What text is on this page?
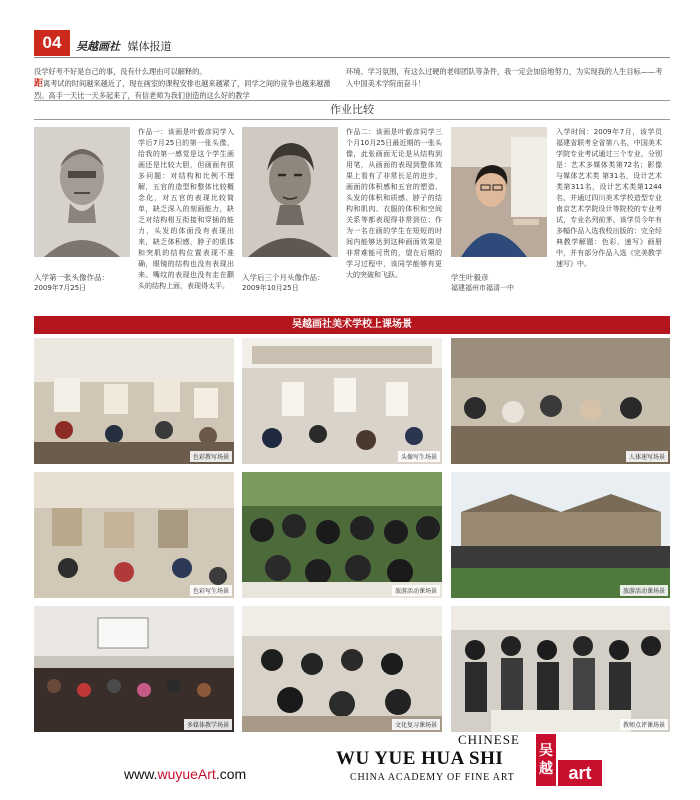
04	吴越画社 媒体报道
没学好考不好是自己的事，没有什么理由可以解释的。
距离考试的时间越来越近了，现在画室的课程安排也越来越紧了，同学之间的竞争也越来越激烈。高手一天比一天多起来了，有信老师为我们创造的这么好的教学
环境、学习氛围，有这么过硬的老师团队等条件，我一定会加倍地努力，为实现我的人生目标——考入中国美术学院而奋斗！
作业比较
入学第一张头像作品：
2009年7月25日
作品一：该画是叶毅彦同学入学后7月25日的第一张头像，给我的第一感觉是这个学生画画还是比较大胆，但画面有很多问题：对结构和比例不理解，五官的造型和整体比较概念化，对五官的表现比较简单，缺乏深入的刻画能力，缺乏对结构相互衔接和穿插的能力，头发的体面没有表现出来，缺乏体积感，脖子的肌体和突肌的结构位置表现不准确，眼镜的结构也没有表现出来。嘴纹的表现也没有走在颧头的结构上面，表现得太平。
入学后三个月头像作品：
2009年10月25日
作品二：该画是叶毅彦同学三个月10月25日最近期的一张头像，此张画面无论是从结构到用笔，从画面的表现到整体效果上看有了非常长足的进步，画面的体积感和五官的塑造、头发的体积和质感、脖子的结构和肌肉、衣服的体积和空间关系等都表现得非常到位；作为一名在画的学生在短短的时间内能够达到这种画面效果是非常难能可贵的，望在后期的学习过程中，该同学能够有更大的突破和飞跃。	学生叶毅彦
福建福州市福清一中
入学时间：2009年7月，该学员福建省联考全省第八名，中国美术学院专业考试通过三个专业，分别是：艺术多媒体类第72名；影像与媒体艺术类 第31名，设计艺术类第311名，设计艺术类第1244名，并通过四川美术学校造型专业　南京艺术学院设计等院校的专业考试，专业名列前茅。该学员今年有多幅作品入选我校出版的：完全经典教学解题：色彩、速写》画册中，并有部分作品入选《完美教学速写》中。
吴越画社美术学校上课场景
色彩教写场景	头像写生场景	人体速写场景
色彩写生场景	旅游活动课场景	旅游活动课场景
多媒体教学场景	文化复习课场景	教师点评课场景
www.wuyueArt.com
CHINESE
WU YUE HUA SHI
CHINA ACADEMY OF FINE ART
吴
越 art
